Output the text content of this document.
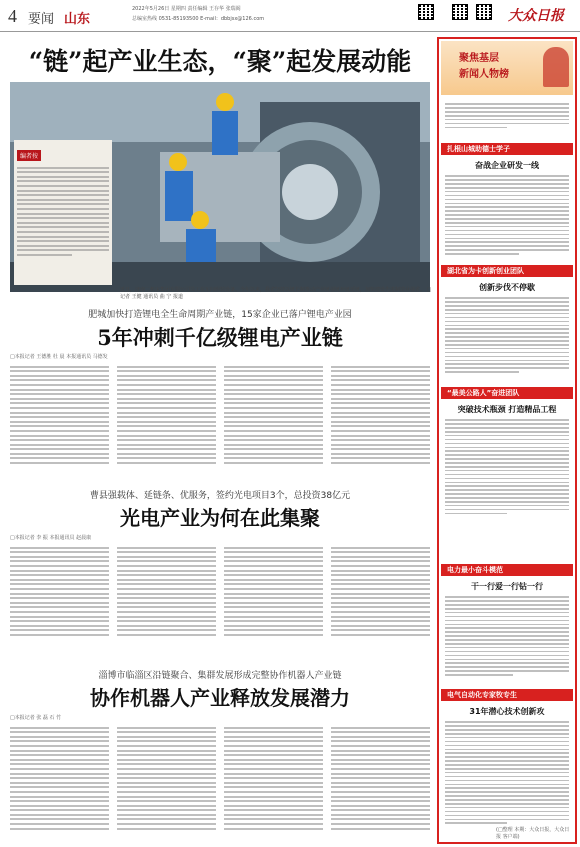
4 要闻 山东
2022年5月26日 星期四 责任编辑 王存华 张瑞阁
总编室热线 0531-85193500 E-mail：dbbjsx@126.com	大众日报
“链”起产业生态，“聚”起发展动能
编者按
近日，济南二机床集团有限公司员工在车间组装设备。今年以来，我省坚持以链长制推动产业链强链补链延链，加快建设先进制造业强省。 □记者 王健 通讯员 曲 宁 报道
肥城加快打造锂电全生命周期产业链，15家企业已落户锂电产业园
5年冲刺千亿级锂电产业链
□本报记者 王德胜 杜 晨 本报通讯员 马德发
曹县强载体、延链条、优服务，签约光电项目3个，总投资38亿元
光电产业为何在此集聚
□本报记者 李 振 本报通讯员 赵晨康
淄博市临淄区沿链聚合、集群发展形成完整协作机器人产业链
协作机器人产业释放发展潜力
□本报记者 张 磊 石 竹
聚焦基层
新闻人物榜
扎根山城助德士学子
奋战企业研发一线
湖北省为卡创新创业团队
创新步伐不停歇
“最美公路人”奋进团队
突破技术瓶颈 打造精品工程
电力最小奋斗模范
干一行爱一行钻一行
电气自动化专家牧专生
31年潜心技术创新攻
(□整理 本期：大众日报，大众日报 客户端)
